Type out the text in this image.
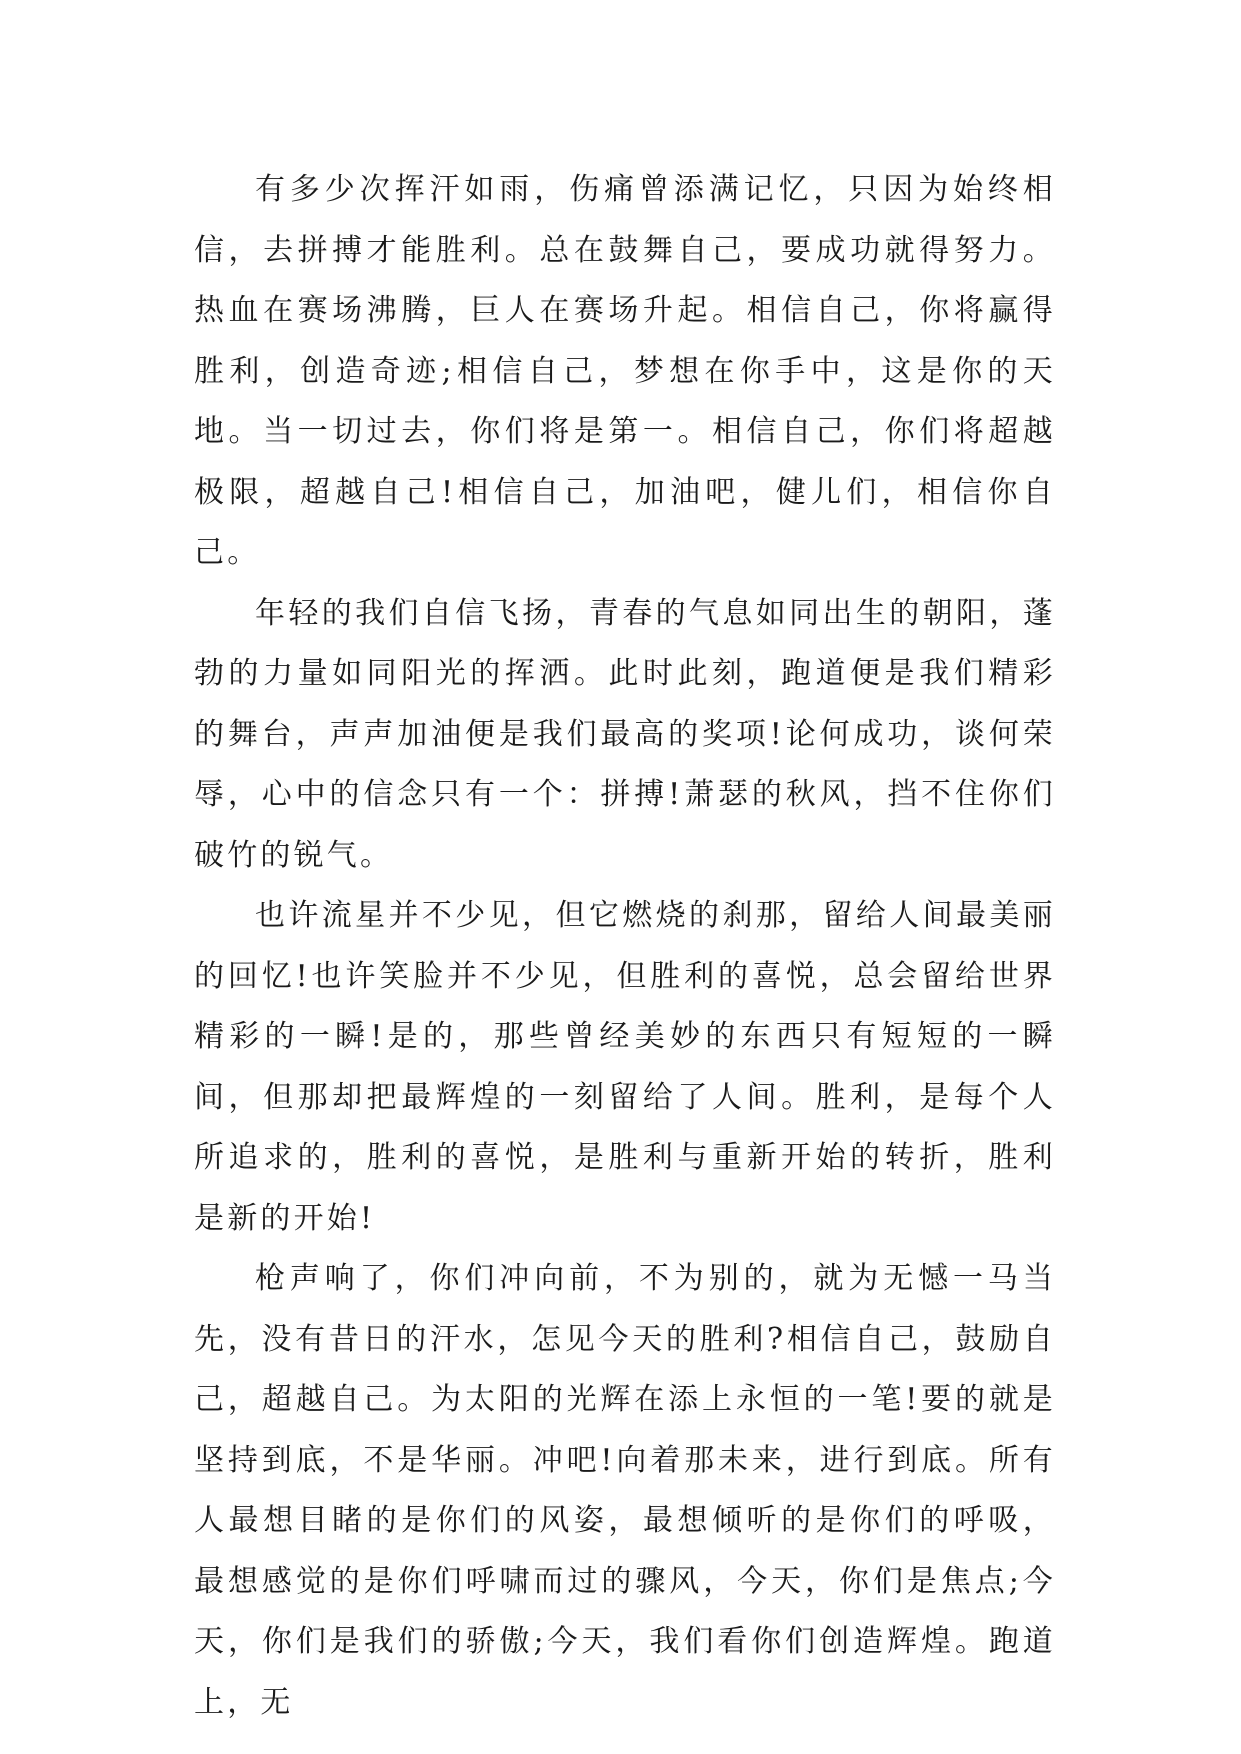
有多少次挥汗如雨，伤痛曾添满记忆，只因为始终相信，去拼搏才能胜利。总在鼓舞自己，要成功就得努力。热血在赛场沸腾，巨人在赛场升起。相信自己，你将赢得胜利，创造奇迹;相信自己，梦想在你手中，这是你的天地。当一切过去，你们将是第一。相信自己，你们将超越极限，超越自己!相信自己，加油吧，健儿们，相信你自己。

年轻的我们自信飞扬，青春的气息如同出生的朝阳，蓬勃的力量如同阳光的挥洒。此时此刻，跑道便是我们精彩的舞台，声声加油便是我们最高的奖项!论何成功，谈何荣辱，心中的信念只有一个：拼搏!萧瑟的秋风，挡不住你们破竹的锐气。

也许流星并不少见，但它燃烧的刹那，留给人间最美丽的回忆!也许笑脸并不少见，但胜利的喜悦，总会留给世界精彩的一瞬!是的，那些曾经美妙的东西只有短短的一瞬间，但那却把最辉煌的一刻留给了人间。胜利，是每个人所追求的，胜利的喜悦，是胜利与重新开始的转折，胜利是新的开始!

枪声响了，你们冲向前，不为别的，就为无憾一马当先，没有昔日的汗水，怎见今天的胜利?相信自己，鼓励自己，超越自己。为太阳的光辉在添上永恒的一笔!要的就是坚持到底，不是华丽。冲吧!向着那未来，进行到底。所有人最想目睹的是你们的风姿，最想倾听的是你们的呼吸，最想感觉的是你们呼啸而过的骤风，今天，你们是焦点;今天，你们是我们的骄傲;今天，我们看你们创造辉煌。跑道上，无
